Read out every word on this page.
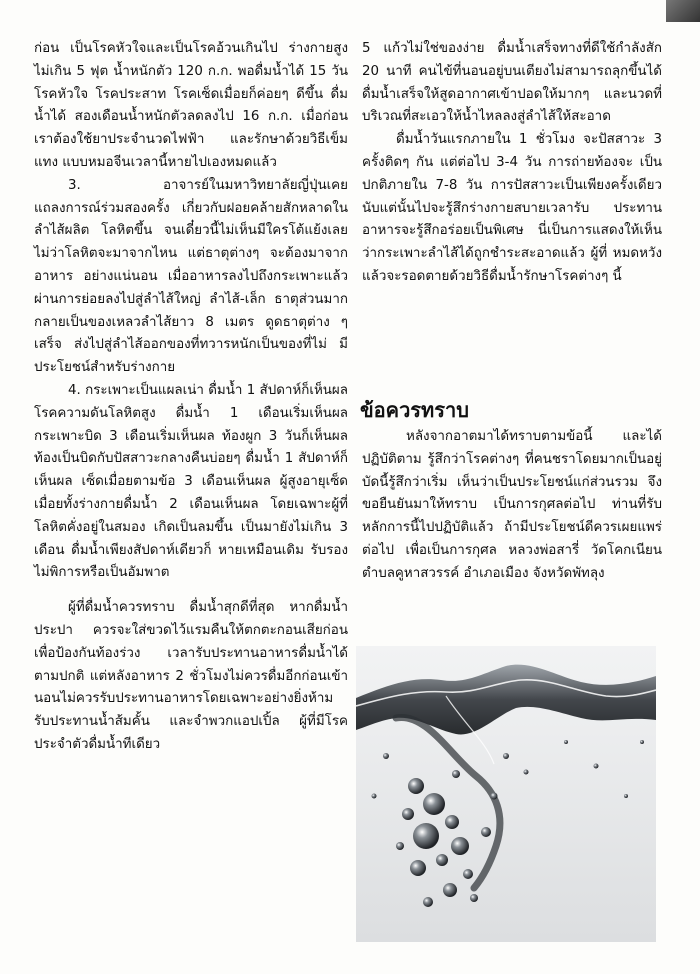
ก่อน เป็นโรคหัวใจและเป็นโรคอ้วนเกินไป ร่างกายสูงไม่เกิน 5 ฟุต น้ำหนักตัว 120 ก.ก. พอดื่มน้ำได้ 15 วัน โรคหัวใจ โรคประสาท โรคเซ็ดเมื่อยก็ค่อยๆ ดีขึ้น ดื่มน้ำได้ สองเดือนน้ำหนักตัวลดลงไป 16 ก.ก. เมื่อก่อนเราต้องใช้ยาประจำนวดไฟฟ้า และรักษาด้วยวิธีเข็มแทง แบบหมอจีนเวลานี้หายไปเองหมดแล้ว

3. อาจารย์ในมหาวิทยาลัยญี่ปุ่นเคยแถลงการณ์ร่วมสองครั้ง เกี่ยวกับฝอยคล้ายสักหลาดในลำไส้ผลิต โลหิตขึ้น จนเดี๋ยวนี้ไม่เห็นมีใครโต้แย้งเลย ไม่ว่าโลหิตจะมาจากไหน แต่ธาตุต่างๆ จะต้องมาจากอาหาร อย่างแน่นอน เมื่ออาหารลงไปถึงกระเพาะแล้วผ่านการย่อยลงไปสู่ลำไส้ใหญ่ ลำไส้-เล็ก ธาตุส่วนมาก กลายเป็นของเหลวลำไส้ยาว 8 เมตร ดูดธาตุต่าง ๆ เสร็จ ส่งไปสู่ลำไส้ออกของที่ทวารหนักเป็นของที่ไม่ มีประโยชน์สำหรับร่างกาย

4. กระเพาะเป็นแผลเน่า ดื่มน้ำ 1 สัปดาห์ก็เห็นผล โรคความดันโลหิตสูง ดื่มน้ำ 1 เดือนเริ่มเห็นผล กระเพาะบิด 3 เดือนเริ่มเห็นผล ท้องผูก 3 วันก็เห็นผล ท้องเป็นบิดกับปัสสาวะกลางคืนบ่อยๆ ดื่มน้ำ 1 สัปดาห์ก็เห็นผล เซ็ดเมื่อยตามข้อ 3 เดือนเห็นผล ผู้สูงอายุเซ็ดเมื่อยทั้งร่างกายดื่มน้ำ 2 เดือนเห็นผล โดยเฉพาะผู้ที่โลหิตคั่งอยู่ในสมอง เกิดเป็นลมขึ้น เป็นมายังไม่เกิน 3 เดือน ดื่มน้ำเพียงสัปดาห์เดียวก็ หายเหมือนเดิม รับรองไม่พิการหรือเป็นอัมพาต

ผู้ที่ดื่มน้ำควรทราบ ดื่มน้ำสุกดีที่สุด หากดื่มน้ำประปา ควรจะใส่ขวดไว้แรมคืนให้ตกตะกอนเสียก่อนเพื่อป้องกันท้องร่วง เวลารับประทานอาหารดื่มน้ำได้ตามปกติ แต่หลังอาหาร 2 ชั่วโมงไม่ควรดื่มอีกก่อนเข้านอนไม่ควรรับประทานอาหารโดยเฉพาะอย่างยิ่งห้ามรับประทานน้ำส้มคั้น และจำพวกแอปเปิ้ล ผู้ที่มีโรคประจำตัวดื่มน้ำทีเดียว

5 แก้วไม่ใช่ของง่าย ดื่มน้ำเสร็จทางที่ดีใช้กำลังสัก 20 นาที คนไข้ที่นอนอยู่บนเตียงไม่สามารถลุกขึ้นได้ ดื่มน้ำเสร็จให้สูดอากาศเข้าปอดให้มากๆ และนวดที่บริเวณที่สะเอวให้น้ำไหลลงสู่ลำไส้ให้สะอาด

ดื่มน้ำวันแรกภายใน 1 ชั่วโมง จะปัสสาวะ 3 ครั้งติดๆ กัน แต่ต่อไป 3-4 วัน การถ่ายท้องจะ เป็นปกติภายใน 7-8 วัน การปัสสาวะเป็นเพียงครั้งเดียว นับแต่นั้นไปจะรู้สึกร่างกายสบายเวลารับ ประทานอาหารจะรู้สึกอร่อยเป็นพิเศษ นี่เป็นการแสดงให้เห็นว่ากระเพาะลำไส้ได้ถูกชำระสะอาดแล้ว ผู้ที่ หมดหวังแล้วจะรอดตายด้วยวิธีดื่มน้ำรักษาโรคต่างๆ นี้

ข้อควรทราบ

หลังจากอาตมาได้ทราบตามข้อนี้ และได้ปฏิบัติตาม รู้สึกว่าโรคต่างๆ ที่คนชราโดยมากเป็นอยู่บัดนี้รู้สึกว่าเริ่ม เห็นว่าเป็นประโยชน์แก่ส่วนรวม จึงขอยืนยันมาให้ทราบ เป็นการกุศลต่อไป ท่านที่รับหลักการนี้ไปปฏิบัติแล้ว ถ้ามีประโยชน์ดีควรเผยแพร่ต่อไป เพื่อเป็นการกุศล หลวงพ่อสารี่ วัดโคกเนียนตำบลคูหาสวรรค์ อำเภอเมือง จังหวัดพัทลุง
